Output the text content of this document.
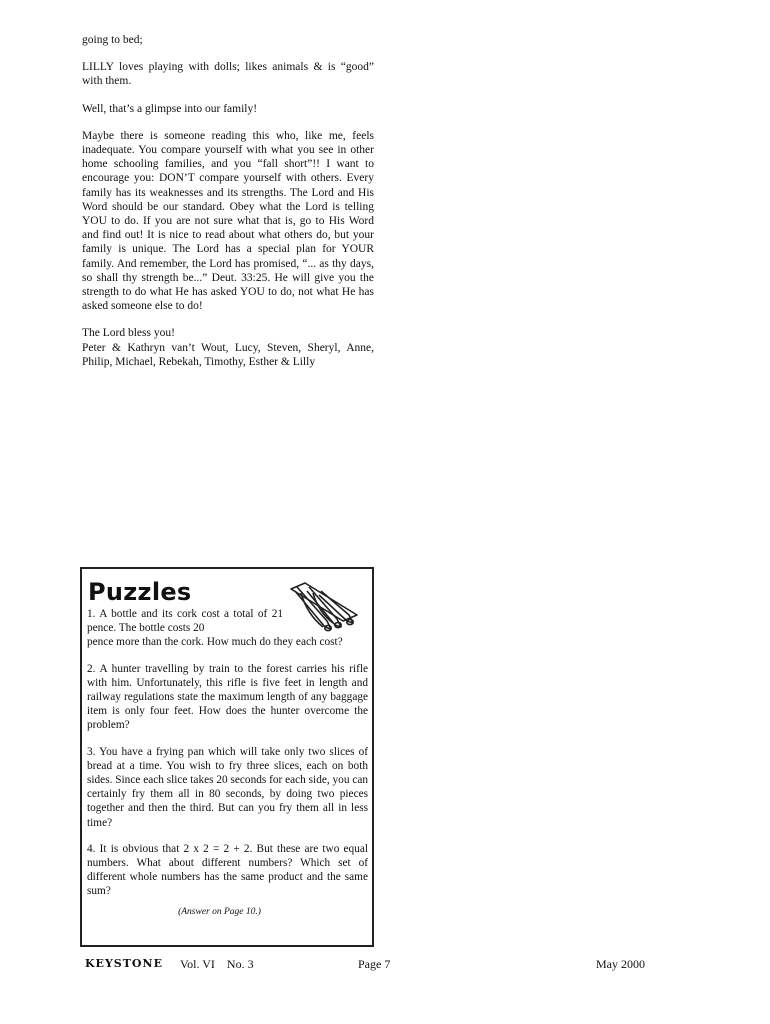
going to bed;

LILLY loves playing with dolls; likes animals & is “good” with them.

Well, that’s a glimpse into our family!

Maybe there is someone reading this who, like me, feels inadequate. You compare yourself with what you see in other home schooling families, and you “fall short”!! I want to encourage you: DON’T compare yourself with others. Every family has its weaknesses and its strengths. The Lord and His Word should be our standard. Obey what the Lord is telling YOU to do. If you are not sure what that is, go to His Word and find out! It is nice to read about what others do, but your family is unique. The Lord has a special plan for YOUR family. And remember, the Lord has promised, “... as thy days, so shall thy strength be...” Deut. 33:25. He will give you the strength to do what He has asked YOU to do, not what He has asked someone else to do!

The Lord bless you!

Peter & Kathryn van’t Wout, Lucy, Steven, Sheryl, Anne, Philip, Michael, Rebekah, Timothy, Esther & Lilly

Puzzles

1. A bottle and its cork cost a total of 21 pence. The bottle costs 20
pence more than the cork. How much do they each cost?

2. A hunter travelling by train to the forest carries his rifle with him. Unfortunately, this rifle is five feet in length and railway regulations state the maximum length of any baggage item is only four feet. How does the hunter overcome the problem?

3. You have a frying pan which will take only two slices of bread at a time. You wish to fry three slices, each on both sides. Since each slice takes 20 seconds for each side, you can certainly fry them all in 80 seconds, by doing two pieces together and then the third. But can you fry them all in less time?

4. It is obvious that 2 x 2 = 2 + 2. But these are two equal numbers. What about different numbers? Which set of different whole numbers has the same product and the same sum?

(Answer on Page 10.)
KEYSTONE Vol. VI    No. 3	Page 7	May 2000
